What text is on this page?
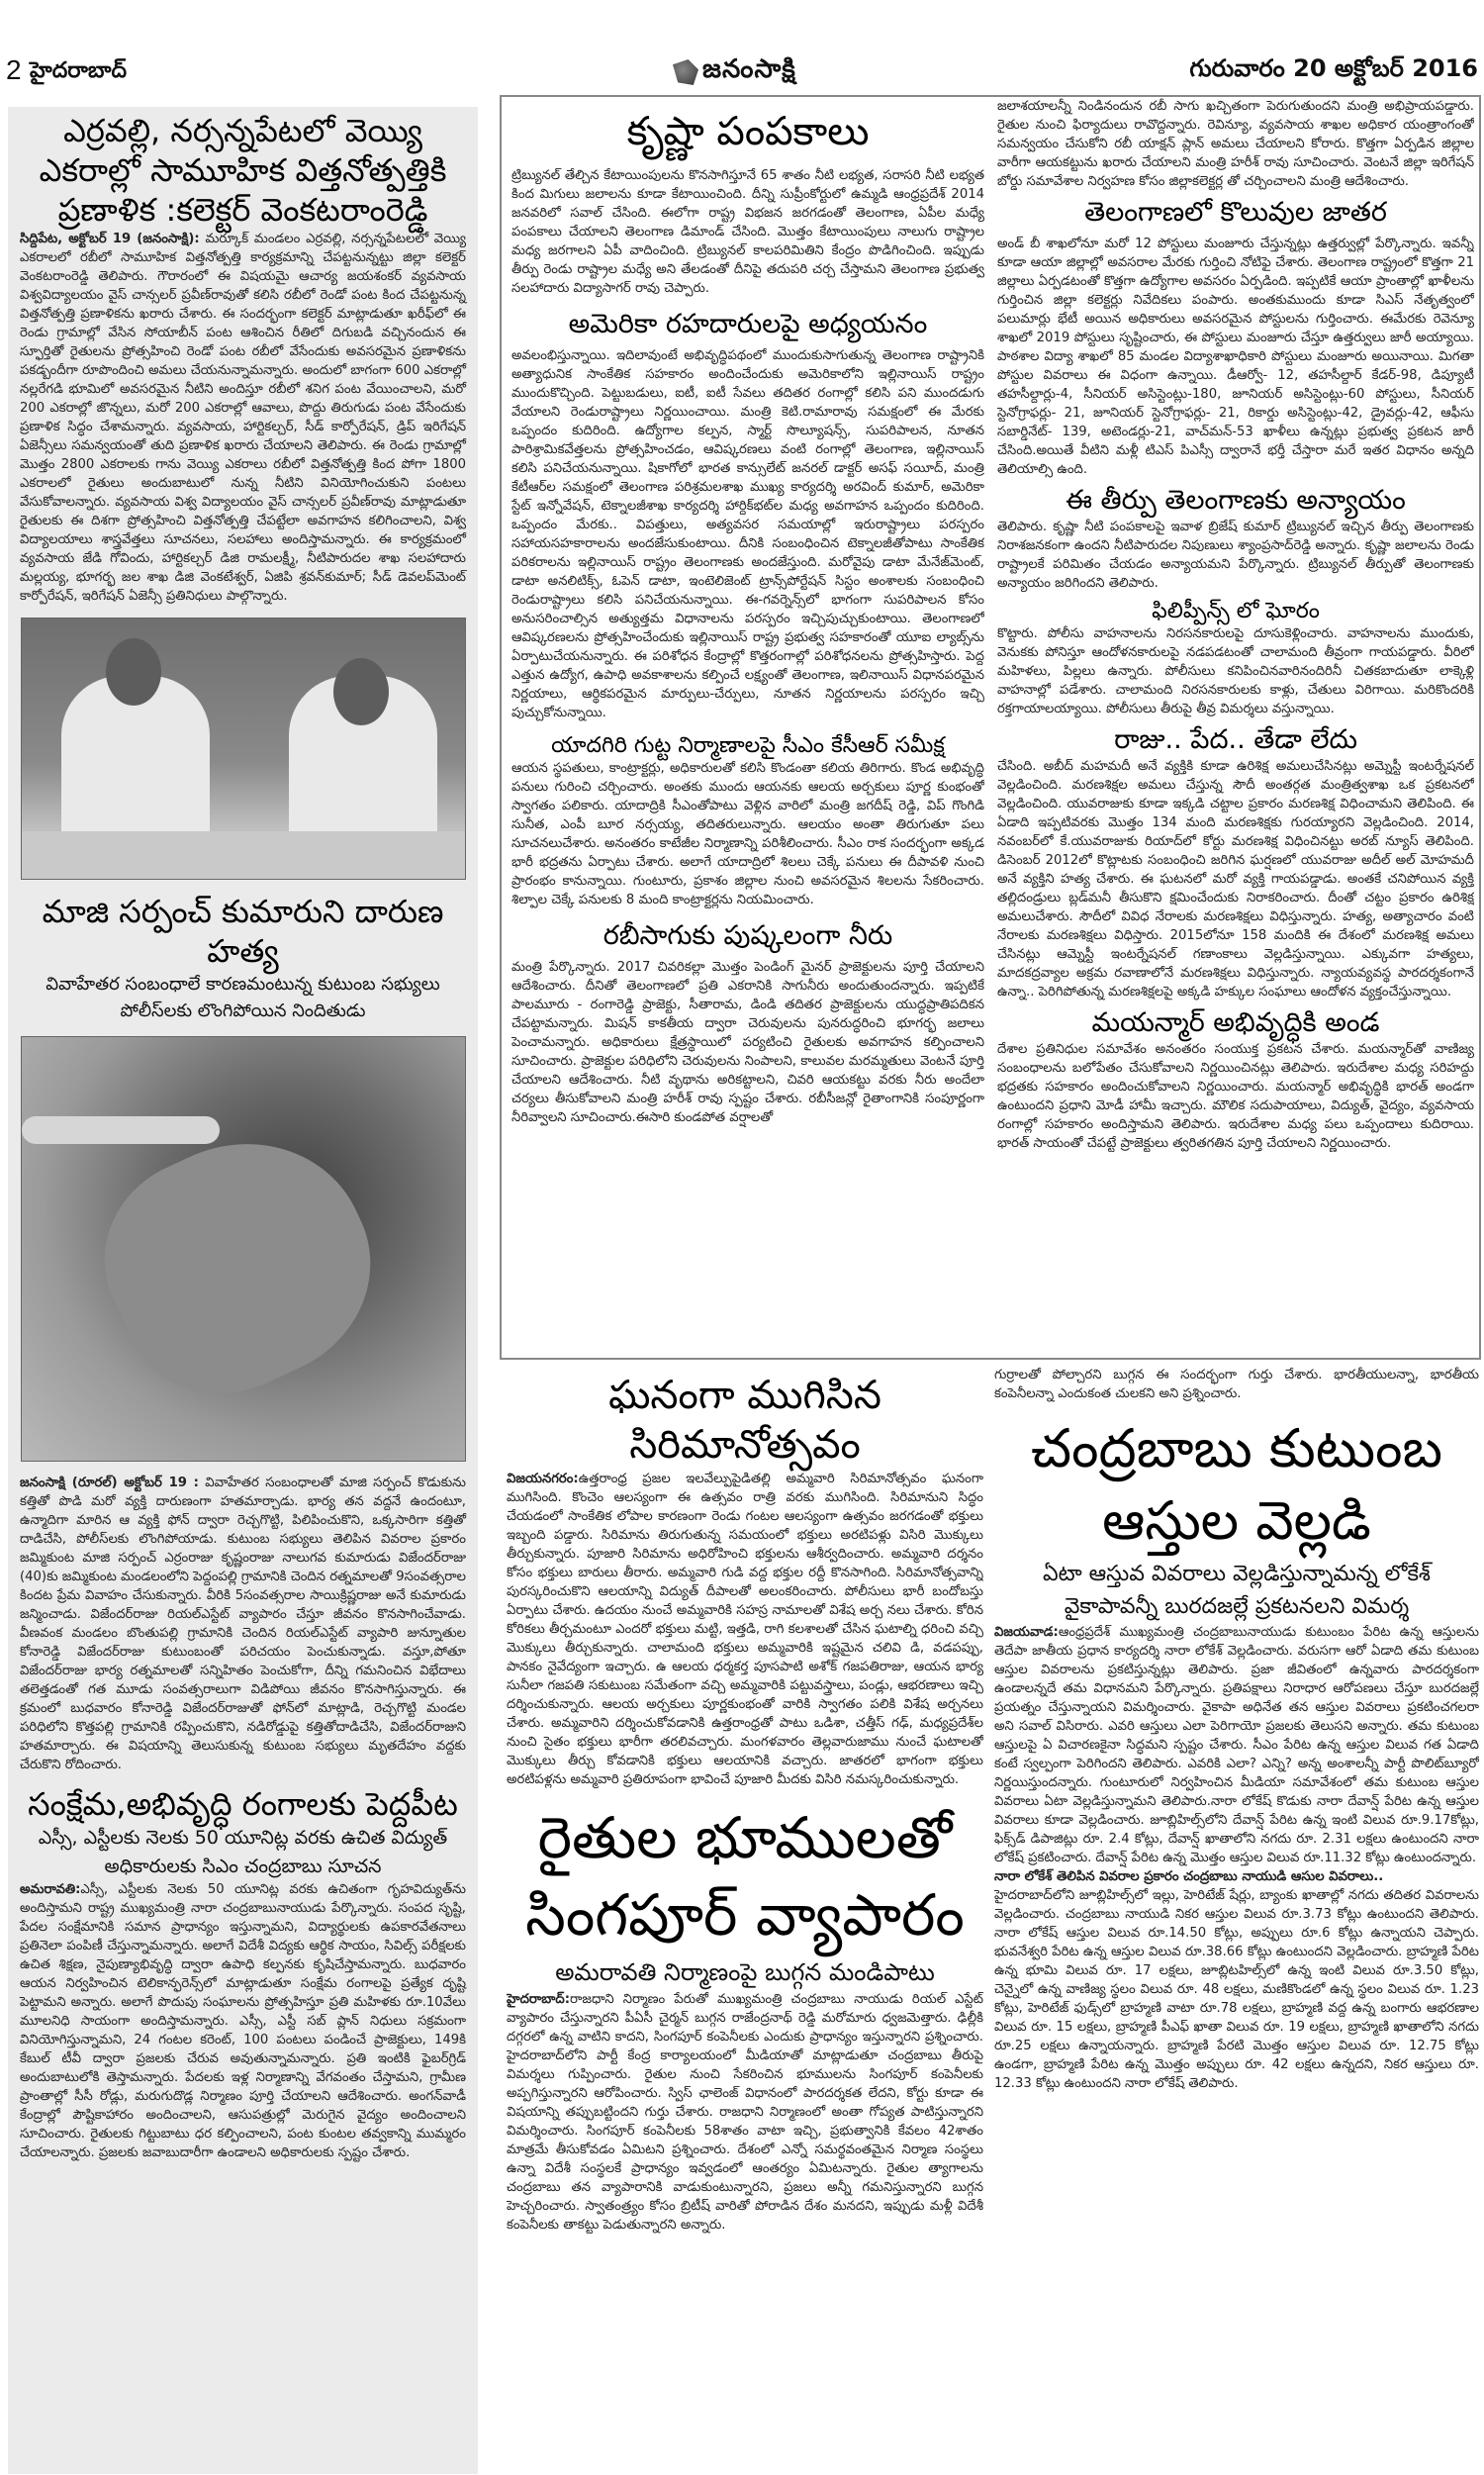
2 హైదరాబాద్	జనంసాక్షి	గురువారం 20 అక్టోబర్ 2016
ఎర్రవల్లి, నర్సన్నపేటలో వెయ్యి ఎకరాల్లో సామూహిక విత్తనోత్పత్తికి ప్రణాళిక :కలెక్టర్ వెంకటరాంరెడ్డి

సిద్దిపేట, అక్టోబర్ 19 (జనంసాక్షి): మర్కూక్ మండలం ఎర్రవల్లి, నర్సన్నపేటలలో వెయ్యి ఎకరాలలో రబీలో సామూహిక విత్తనోత్పత్తి కార్యక్రమాన్ని చేపట్టనున్నట్టు జిల్లా కలెక్టర్ వెంకటరాంరెడ్డి తెలిపారు. గౌరారంలో ఈ విషయమై ఆచార్య జయశంకర్ వ్యవసాయ విశ్వవిద్యాలయం వైస్ చాన్సలర్ ప్రవీణ్‌రావుతో కలిసి రబీలో రెండో పంట కింద చేపట్టనున్న విత్తనోత్పత్తి ప్రణాళికను ఖరారు చేశారు. ఈ సందర్భంగా కలెక్టర్ మాట్లాడుతూ ఖరీఫ్‌లో ఈ రెండు గ్రామాల్లో వేసిన సోయాబీన్ పంట ఆశించిన రీతిలో దిగుబడి వచ్చినందున ఈ స్ఫూర్తితో రైతులను ప్రోత్సహించి రెండో పంట రబీలో వేసేందుకు అవసరమైన ప్రణాళికను పకడ్బందీగా రూపొందించి అమలు చేయనున్నామన్నారు. అందులో బాగంగా 600 ఎకరాల్లో నల్లరేగడి భూమిలో అవసరమైన నీటిని అందిస్తూ రబీలో శనిగ పంట వేయించాలని, మరో 200 ఎకరాల్లో జొన్నలు, మరో 200 ఎకరాల్లో ఆవాలు, పొద్దు తిరుగుడు పంట వేసేందుకు ప్రణాళిక సిద్ధం చేశామన్నారు. వ్యవసాయ, హార్టికల్చర్, సీడ్ కార్పోరేషన్, డ్రిప్ ఇరిగేషన్ ఏజెన్సీలు సమన్వయంతో తుది ప్రణాళిక ఖరారు చేయాలని తెలిపారు. ఈ రెండు గ్రామాల్లో మొత్తం 2800 ఎకరాలకు గాను వెయ్యి ఎకరాలు రబీలో విత్తనోత్పత్తి కింద పోగా 1800 ఎకరాలలో రైతులు అందుబాటులో నున్న నీటిని వినియోగించుకుని పంటలు వేసుకోవాలన్నారు. వ్యవసాయ విశ్వ విద్యాలయం వైస్ చాన్సలర్ ప్రవీణ్‌రావు మాట్లాడుతూ రైతులకు ఈ దిశగా ప్రోత్సహించి విత్తనోత్పత్తి చేపట్టేలా అవగాహన కలిగించాలని, విశ్వ విద్యాలయాలు శాస్త్రవేత్తలు సూచనలు, సలహాలు అందిస్తామన్నారు. ఈ కార్యక్రమంలో వ్యవసాయ జేడి గోవిందు, హార్టికల్చర్ డిజి రామలక్ష్మీ, నీటిపారుదల శాఖ సలహాదారు మల్లయ్య, భూగర్భ జల శాఖ డిజి వెంకటేశ్వర్, ఏజిపి శ్రవన్‌కుమార్; సీడ్ డెవలప్‌మెంట్ కార్పోరేషన్, ఇరిగేషన్ ఏజెన్సీ ప్రతినిధులు పాల్గొన్నారు.

మాజి సర్పంచ్ కుమారుని దారుణ హత్య

వివాహేతర సంబంధాలే కారణమంటున్న కుటుంబ సభ్యులు

పోలీస్‌లకు లొంగిపోయిన నిందితుడు

జనంసాక్షి (రూరల్) అక్టోబర్ 19 : వివాహేతర సంబంధాలతో మాజి సర్పంచ్ కొడుకును కత్తితో పొడి మరో వ్యక్తి దారుణంగా హతమార్చాడు. భార్య తన వద్దనే ఉందంటూ, ఉన్మాదిగా మారిన ఆ వ్యక్తి ఫోన్ ద్వారా రెచ్చగొట్టి, పిలిపించుకొని, ఒక్కసారిగా కత్తితో దాడిచేసి, పోలీస్‌లకు లొంగిపోయాడు. కుటుంబ సభ్యులు తెలిపిన వివరాల ప్రకారం జమ్మికుంట మాజి సర్పంచ్ ఎర్రంరాజు కృష్ణంరాజు నాలుగవ కుమారుడు విజేందర్‌రాజు (40)కు జమ్మికుంట మండలంలోని పెద్దంపల్లి గ్రామానికి చెందిన రత్నమాలతో 9సంవత్సరాల కిందట ప్రేమ వివాహం చేసుకున్నారు. వీరికి 5సంవత్సరాల సాయిక్రిష్ణరాజు అనే కుమారుడు జన్మించాడు. విజేందర్‌రాజు రియల్‌ఎస్టేట్ వ్యాపారం చేస్తూ జీవనం కొనసాగించేవాడు. వీణవంక మండలం బొంతుపల్లి గ్రామానికి చెందిన రియల్‌ఎస్టేట్ వ్యాపారి జున్నూతుల కోనారెడ్డి విజేందర్‌రాజు కుటుంబంతో పరిచయం పెంచుకున్నాడు. వస్తూ,పోతూ విజేందర్‌రాజు భార్య రత్నమాలతో సన్నిహితం పెంచుకోగా, దీన్ని గమనించిన విభేదాలు తలెత్తడంతో గత మూడు సంవత్సరాలుగా విడిపోయి జీవనం కొనసాగిస్తున్నారు. ఈ క్రమంలో బుధవారం కోనారెడ్డి విజేందర్‌రాజుతో ఫోన్‌లో మాట్లాడి, రెచ్చగొట్టి మండల పరిధిలోని కొత్తపల్లి గ్రామానికి రప్పించుకొని, నడిరోడ్డుపై కత్తితోదాడిచేసి, విజేందర్‌రాజుని హతమార్చారు. ఈ విషయాన్ని తెలుసుకున్న కుటుంబ సభ్యులు మృతదేహం వద్దకు చేరుకొని రోదించారు.

సంక్షేమ,అభివృద్ధి రంగాలకు పెద్దపీట

ఎస్సీ, ఎస్టీలకు నెలకు 50 యూనిట్ల వరకు ఉచిత విద్యుత్

అధికారులకు సిఎం చంద్రబాబు సూచన

అమరావతి:ఎస్సీ, ఎస్టీలకు నెలకు 50 యూనిట్ల వరకు ఉచితంగా గృహవిద్యుత్‌ను అందిస్తామని రాష్ట్ర ముఖ్యమంత్రి నారా చంద్రబాబునాయుడు పేర్కొన్నారు. సంపద సృష్టి, పేదల సంక్షేమానికి సమాన ప్రాధాన్యం ఇస్తున్నామని, విద్యార్థులకు ఉపకారవేతనాలు ప్రతినెలా పంపిణీ చేస్తున్నామన్నారు. అలాగే విదేశీ విద్యకు ఆర్థిక సాయం, సివిల్స్ పరీక్షలకు ఉచిత శిక్షణ, నైపుణ్యాభివృద్ధి ద్వారా ఉపాధి కల్పనకు కృషిచేస్తామన్నారు. బుధవారం ఆయన నిర్వహించిన టెలికాన్ఫరెన్స్‌లో మాట్లాడుతూ సంక్షేమ రంగాలపై ప్రత్యేక దృష్టి పెట్టామని అన్నారు. అలాగే పొదుపు సంఘాలను ప్రోత్సహిస్తూ ప్రతి మహిళకు రూ.10వేలు మూలనిధి సాయంగా అందిస్తామన్నారు. ఎస్సీ, ఎస్టీ సబ్ ప్లాన్ నిధులు సక్రమంగా వినియోగిస్తున్నామని, 24 గంటల కరెంట్, 100 పంటలు పండించే ప్రాజెక్టులు, 149కి కేబుల్ టీవీ ద్వారా ప్రజలకు చేరువ అవుతున్నామన్నారు. ప్రతి ఇంటికి ఫైబర్‌గ్రిడ్ అందుబాటులోకి తెస్తామన్నారు. పేదలకు ఇళ్ల నిర్మాణాన్ని వేగవంతం చేస్తామని, గ్రామీణ ప్రాంతాల్లో సీసీ రోడ్లు, మరుగుదొడ్ల నిర్మాణం పూర్తి చేయాలని ఆదేశించారు. అంగన్‌వాడీ కేంద్రాల్లో పౌష్టికాహారం అందించాలని, ఆసుపత్రుల్లో మెరుగైన వైద్యం అందించాలని సూచించారు. రైతులకు గిట్టుబాటు ధర కల్పించాలని, పంట కుంటల తవ్వకాన్ని ముమ్మరం చేయాలన్నారు. ప్రజలకు జవాబుదారీగా ఉండాలని అధికారులకు స్పష్టం చేశారు.

కృష్ణా పంపకాలు

ట్రిబ్యునల్ తేల్చిన కేటాయింపులను కొనసాగిస్తూనే 65 శాతం నీటి లభ్యత, సరాసరి నీటి లభ్యత కింద మిగులు జలాలను కూడా కేటాయించింది. దీన్ని సుప్రీంకోర్టులో ఉమ్మడి ఆంధ్రప్రదేశ్ 2014 జనవరిలో సవాల్ చేసింది. ఈలోగా రాష్ట్ర విభజన జరగడంతో తెలంగాణ, ఏపీల మధ్యే పంపకాలు చేయాలని తెలంగాణ డిమాండ్ చేసింది. మొత్తం కేటాయింపులు నాలుగు రాష్ట్రాల మధ్య జరగాలని ఏపీ వాదించింది. ట్రిబ్యునల్ కాలపరిమితిని కేంద్రం పొడిగించింది. ఇప్పుడు తీర్పు రెండు రాష్ట్రాల మధ్యే అని తేలడంతో దీనిపై తదుపరి చర్చ చేస్తామని తెలంగాణ ప్రభుత్వ సలహాదారు విద్యాసాగర్ రావు చెప్పారు.

అమెరికా రహదారులపై అధ్యయనం

అవలంభిస్తున్నాయి. ఇదిలావుంటే అభివృద్ధిపథంలో ముందుకుసాగుతున్న తెలంగాణ రాష్ట్రానికి అత్యాధునిక సాంకేతిక సహకారం అందించేందుకు అమెరికాలోని ఇల్లినాయిస్ రాష్ట్రం ముందుకొచ్చింది. పెట్టుబడులు, ఐటీ, ఐటీ సేవలు తదితర రంగాల్లో కలిసి పని ముందడుగు వేయాలని రెండురాష్ట్రాలు నిర్ణయించాయి. మంత్రి కెటి.రామారావు సమక్షంలో ఈ మేరకు ఒప్పందం కుదిరింది. ఉద్యోగాల కల్పన, స్మార్ట్ సొల్యూషన్స్, సుపరిపాలన, నూతన పారిశ్రామికవేత్తలను ప్రోత్సహించడం, ఆవిష్కరణలు వంటి రంగాల్లో తెలంగాణ, ఇల్లినాయిస్ కలిసి పనిచేయనున్నాయి. షికాగోలో భారత కాన్సులేట్ జనరల్ డాక్టర్ అసఫ్ సయీద్, మంత్రి కేటీఆర్‌ల సమక్షంలో తెలంగాణ పరిశ్రమలశాఖ ముఖ్య కార్యదర్శి అరవింద్ కుమార్, అమెరికా స్టేట్ ఇన్నోవేషన్, టెక్నాలజీశాఖ కార్యదర్శి హార్దిక్‌భట్‌ల మధ్య అవగాహన ఒప్పందం కుదిరింది. ఒప్పందం మేరకు.. విపత్తులు, అత్యవసర సమయాల్లో ఇరురాష్ట్రాలు పరస్పరం సహాయసహకారాలను అందజేసుకుంటాయి. దీనికి సంబంధించిన టెక్నాలజీతోపాటు సాంకేతిక పరికరాలను ఇల్లినాయిస్ రాష్ట్రం తెలంగాణకు అందజేస్తుంది. మరోవైపు డాటా మేనేజ్‌మెంట్, డాటా అనలిటిక్స్, ఓపెన్ డాటా, ఇంటెలిజెంట్ ట్రాన్స్‌పోర్టేషన్ సిస్టం అంశాలకు సంబంధించి రెండురాష్ట్రాలు కలిసి పనిచేయనున్నాయి. ఈ-గవర్నెన్స్‌లో భాగంగా సుపరిపాలన కోసం అనుసరించాల్సిన అత్యుత్తమ విధానాలను పరస్పరం ఇచ్చిపుచ్చుకుంటాయి. తెలంగాణలో ఆవిష్కరణలను ప్రోత్సహించేందుకు ఇల్లినాయిస్ రాష్ట్ర ప్రభుత్వ సహకారంతో యూఐ ల్యాబ్స్‌ను ఏర్పాటుచేయనున్నారు. ఈ పరిశోధన కేంద్రాల్లో కొత్తరంగాల్లో పరిశోధనలను ప్రోత్సహిస్తారు. పెద్ద ఎత్తున ఉద్యోగ, ఉపాధి అవకాశాలను కల్పించే లక్ష్యంతో తెలంగాణ, ఇలినాయిస్ విధానపరమైన నిర్ణయాలు, ఆర్థికపరమైన మార్పులు-చేర్పులు, నూతన నిర్ణయాలను పరస్పరం ఇచ్చి పుచ్చుకోనున్నాయి.

యాదగిరి గుట్ట నిర్మాణాలపై సీఎం కేసీఆర్ సమీక్ష

ఆయన స్థపతులు, కాంట్రాక్టర్లు, అధికారులతో కలిసి కొండంతా కలియ తిరిగారు. కొండ అభివృద్ధి పనులు గురించి చర్చించారు. అంతకు ముందు ఆయనకు ఆలయ అర్చకులు పూర్ణ కుంభంతో స్వాగతం పలికారు. యాదాద్రికి సీఎంతోపాటు వెళ్లిన వారిలో మంత్రి జగదీష్ రెడ్డి, విప్ గొంగిడి సునీత, ఎంపీ బూర నర్సయ్య, తదితరులున్నారు. ఆలయం అంతా తిరుగుతూ పలు సూచనలుచేశారు. అనంతరం కాటేజీల నిర్మాణాన్ని పరిశీలించారు. సీఎం రాక సందర్భంగా అక్కడ భారీ భద్రతను ఏర్పాటు చేశారు. అలాగే యాదాద్రిలో శిలలు చెక్కే పనులు ఈ దీపావళి నుంచి ప్రారంభం కానున్నాయి. గుంటూరు, ప్రకాశం జిల్లాల నుంచి అవసరమైన శిలలను సేకరించారు. శిల్పాల చెక్కే పనులకు 8 మంది కాంట్రాక్టర్లను నియమించారు.

రబీసాగుకు పుష్కలంగా నీరు

మంత్రి పేర్కొన్నారు. 2017 చివరికల్లా మొత్తం పెండింగ్ మైనర్ ప్రాజెక్టులను పూర్తి చేయాలని ఆదేశించారు. దీనితో తెలంగాణలో ప్రతి ఎకరానికి సాగునీరు అందుతుందన్నారు. ఇప్పటికే పాలమూరు - రంగారెడ్డి ప్రాజెక్టు, సీతారామ, డిండి తదితర ప్రాజెక్టులను యుద్ధప్రాతిపదికన చేపట్టామన్నారు. మిషన్ కాకతీయ ద్వారా చెరువులను పునరుద్ధరించి భూగర్భ జలాలు పెంచామన్నారు. అధికారులు క్షేత్రస్థాయిలో పర్యటించి రైతులకు అవగాహన కల్పించాలని సూచించారు. ప్రాజెక్టుల పరిధిలోని చెరువులను నింపాలని, కాలువల మరమ్మతులు వెంటనే పూర్తి చేయాలని ఆదేశించారు. నీటి వృథాను అరికట్టాలని, చివరి ఆయకట్టు వరకు నీరు అందేలా చర్యలు తీసుకోవాలని మంత్రి హరీశ్ రావు స్పష్టం చేశారు. రబీసీజన్లో రైతాంగానికి సంపూర్ణంగా నీరివ్వాలని సూచించారు.ఈసారి కుండపోత వర్షాలతో

జలాశయాలన్నీ నిండినందున రబీ సాగు ఖచ్చితంగా పెరుగుతుందని మంత్రి అభిప్రాయపడ్డారు. రైతుల నుంచి ఫిర్యాదులు రావొద్దన్నారు. రెవిన్యూ, వ్యవసాయ శాఖల అధికార యంత్రాంగంతో సమన్వయం చేసుకోని రబీ యాక్షన్ ప్లాన్ అమలు చేయాలని కోరారు. కొత్తగా ఏర్పడిన జిల్లాల వారీగా ఆయకట్టును ఖరారు చేయాలని మంత్రి హరీశ్ రావు సూచించారు. వెంటనే జిల్లా ఇరిగేషన్ బోర్డు సమావేశాల నిర్వహణ కోసం జిల్లాకలెక్టర్ల తో చర్చించాలని మంత్రి ఆదేశించారు.

తెలంగాణలో కొలువుల జాతర

అండ్ బీ శాఖలోనూ మరో 12 పోస్టులు మంజూరు చేస్తున్నట్లు ఉత్తర్వుల్లో పేర్కొన్నారు. ఇవన్నీ కూడా ఆయా జిల్లాల్లో అవసరాల మేరకు గుర్తించి నోటిఫై చేశారు. తెలంగాణ రాష్ట్రంలో కొత్తగా 21 జిల్లాలు ఏర్పడటంతో కొత్తగా ఉద్యోగాల అవసరం ఏర్పడింది. ఇప్పటికే ఆయా ప్రాంతాల్లో ఖాళీలను గుర్తించిన జిల్లా కలెక్టర్లు నివేదికలు పంపారు. అంతకుముందు కూడా సిఎస్ నేతృత్వంలో పలుమార్లు భేటీ అయిన అధికారులు అవసరమైన పోస్టులను గుర్తించారు. ఈమేరకు రెవెన్యూ శాఖలో 2019 పోస్టులు సృష్టించారు, ఈ పోస్టులు మంజూరు చేస్తూ ఉత్తర్వులు జారీ అయ్యాయి. పాఠశాల విద్యా శాఖలో 85 మండల విద్యాశాఖాధికారి పోస్టులు మంజూరు అయినాయి. మిగతా పోస్టుల వివరాలు ఈ విధంగా ఉన్నాయి. డీఆర్వో- 12, తహసీల్దార్ కేడర్-98, డిప్యూటీ తహసీల్దార్లు-4, సీనియర్ అసిస్టెంట్లు-180, జూనియర్ అసిస్టెంట్లు-60 పోస్టులు, సీనియర్ స్టెనోగ్రాఫర్లు- 21, జూనియర్ స్టెనోగ్రాఫర్లు- 21, రికార్డు అసిస్టెంట్లు-42, డ్రైవర్లు-42, ఆఫీసు సబార్డినేట్- 139, అటెండర్లు-21, వాచ్‌మన్-53 ఖాళీలు ఉన్నట్లు ప్రభుత్వ ప్రకటన జారీ చేసింది.అయితే వీటిని మళ్లీ టిఎస్ పిఎస్సీ ద్వారానే భర్తీ చేస్తారా మరే ఇతర విధానం అన్నది తెలియాల్సి ఉంది.

ఈ తీర్పు తెలంగాణకు అన్యాయం

తెలిపారు. కృష్ణా నీటి పంపకాలపై ఇవాళ బ్రిజేష్ కుమార్ ట్రిబ్యునల్ ఇచ్చిన తీర్పు తెలంగాణకు నిరాశజనకంగా ఉందని నీటిపారుదల నిపుణులు శ్యాంప్రసాద్‌రెడ్డి అన్నారు. కృష్ణా జలాలను రెండు రాష్ట్రాలకే పరిమితం చేయడం అన్యాయమని పేర్కొన్నారు. ట్రిబ్యునల్ తీర్పుతో తెలంగాణకు అన్యాయం జరిగిందని తెలిపారు.

ఫిలిప్పీన్స్ లో ఘోరం

కొట్టారు. పోలీసు వాహనాలను నిరసనకారులపై దూసుకెళ్లించారు. వాహనాలను ముందుకు, వెనుకకు పోనిస్తూ ఆందోళనకారులపై నడపడటంతో చాలామంది తీవ్రంగా గాయపడ్డారు. వీరిలో మహిళలు, పిల్లలు ఉన్నారు. పోలీసులు కనిపించినవారినందిరినీ చితకబాదుతూ లాక్కెళ్లి వాహనాల్లో పడేశారు. చాలామంది నిరసనకారులకు కాళ్లు, చేతులు విరిగాయి. మరికొందరికి రక్తగాయాలయ్యాయి. పోలీసులు తీరుపై తీవ్ర విమర్శలు వస్తున్నాయి.

రాజు.. పేద.. తేడా లేదు

చేసింది. అబీద్ మహమదీ అనే వ్యక్తికి కూడా ఉరిశిక్ష అమలుచేసినట్లు అమ్నెస్టీ ఇంటర్నేషనల్ వెల్లడించింది. మరణశిక్షల అమలు చేస్తున్న సౌదీ అంతర్గత మంత్రిత్వశాఖ ఒక ప్రకటనలో వెల్లడించింది. యువరాజుకు కూడా ఇక్కడి చట్టాల ప్రకారం మరణశిక్ష విధించామని తెలిపింది. ఈ ఏడాది ఇప్పటివరకు మొత్తం 134 మంది మరణశిక్షకు గురయ్యారని వెల్లడించింది. 2014, నవంబర్‌లో కే.యువరాజుకు రియాద్‌లో కోర్టు మరణశిక్ష విధించినట్టు అరబ్ న్యూస్ తెలిపింది. డిసెంబర్ 2012లో కొట్లాటకు సంబంధించి జరిగిన ఘర్షణలో యువరాజు అదీల్ అల్ మోహమదీ అనే వ్యక్తిని హత్య చేశారు. ఈ ఘటనలో మరో వ్యక్తి గాయపడ్డాడు. అంతకే చనిపోయిన వ్యక్తి తల్లిదండ్రులు బ్లడ్‌మనీ తీసుకొని క్షమించేందుకు నిరాకరించారు. దీంతో చట్టం ప్రకారం ఉరిశిక్ష అమలుచేశారు. సౌదీలో వివిధ నేరాలకు మరణశిక్షలు విధిస్తున్నారు. హత్య, అత్యాచారం వంటి నేరాలకు మరణశిక్షలు విధిస్తారు. 2015లోనూ 158 మందికి ఈ దేశంలో మరణశిక్ష అమలు చేసినట్లు ఆమ్నెస్టీ ఇంటర్నేషనల్ గణాంకాలు వెల్లడిస్తున్నాయి. ఎక్కువగా హత్యలు, మాదకద్రవ్యాల అక్రమ రవాణాలోనే మరణశిక్షలు విధిస్తున్నారు. న్యాయవ్యవస్థ పారదర్శకంగానే ఉన్నా.. పెరిగిపోతున్న మరణశిక్షలపై అక్కడి హక్కుల సంఘాలు ఆందోళన వ్యక్తంచేస్తున్నాయి.

మయన్మార్ అభివృద్ధికి అండ

దేశాల ప్రతినిధుల సమావేశం అనంతరం సంయుక్త ప్రకటన చేశారు. మయన్మార్‌తో వాణిజ్య సంబంధాలను బలోపేతం చేసుకోవాలని నిర్ణయించినట్లు తెలిపారు. ఇరుదేశాల మధ్య సరిహద్దు భద్రతకు సహకారం అందించుకోవాలని నిర్ణయించారు. మయన్మార్ అభివృద్ధికి భారత్ అండగా ఉంటుందని ప్రధాని మోడీ హామీ ఇచ్చారు. మౌలిక సదుపాయాలు, విద్యుత్, వైద్యం, వ్యవసాయ రంగాల్లో సహకారం అందిస్తామని తెలిపారు. ఇరుదేశాల మధ్య పలు ఒప్పందాలు కుదిరాయి. భారత్ సాయంతో చేపట్టే ప్రాజెక్టులు త్వరితగతిన పూర్తి చేయాలని నిర్ణయించారు.

ఘనంగా ముగిసిన సిరిమానోత్సవం

విజయనగరం:ఉత్తరాంధ్ర ప్రజల ఇలవేల్పుపైడితల్లి అమ్మవారి సిరిమానోత్సవం ఘనంగా ముగిసింది. కొంచెం ఆలస్యంగా ఈ ఉత్సవం రాత్రి వరకు ముగిసింది. సిరిమానుని సిద్ధం చేయడంలో సాంకేతిక లోపాల కారణంగా రెండు గంటల ఆలస్యంగా ఉత్సవం జరగడంతో భక్తులు ఇబ్బంది పడ్డారు. సిరిమాను తిరుగుతున్న సమయంలో భక్తులు అరటిపళ్లు విసిరి మొక్కులు తీర్చుకున్నారు. పూజారి సిరిమాను అధిరోహించి భక్తులను ఆశీర్వదించారు. అమ్మవారి దర్శనం కోసం భక్తులు బారులు తీరారు. అమ్మవారి గుడి వద్ద భక్తుల రద్దీ కొనసాగింది. సిరిమానోత్సవాన్ని పురస్కరించుకొని ఆలయాన్ని విద్యుత్ దీపాలతో అలంకరించారు. పోలీసులు భారీ బందోబస్తు ఏర్పాటు చేశారు. ఉదయం నుంచే అమ్మవారికి సహస్ర నామాలతో విశేష అర్చ నలు చేశారు. కోరిన కోరికలు తీర్చమంటూ ఎందరో భక్తులు మట్టి, ఇత్తడి, రాగి కలశాలతో చేసిన ఘటాల్ని ధరించి వచ్చి మొక్కులు తీర్చుకున్నారు. చాలామంది భక్తులు అమ్మవారికి ఇష్టమైన చలివి డి, వడపప్పు, పానకం నైవేద్యంగా ఇచ్చారు. ఉ ఆలయ ధర్మకర్త పూసపాటి అశోక్ గజపతిరాజు, ఆయన భార్య సునీలా గజపతి సకుటుంబ సమేతంగా వచ్చి అమ్మవారికి పట్టువస్త్రాలు, పండ్లు, ఆభరణాలు ఇచ్చి దర్శించుకున్నారు. ఆలయ అర్చకులు పూర్ణకుంభంతో వారికి స్వాగతం పలికి విశేష అర్చనలు చేశారు. అమ్మవారిని దర్శించుకోవడానికి ఉత్తరాంధ్రతో పాటు ఒడిశా, చత్తీస్ గఢ్, మధ్యప్రదేశ్‌ల నుంచి సైతం భక్తులు భారీగా తరలివచ్చారు. మంగళవారం తెల్లవారుజాము నుంచే ఘటాలతో మొక్కులు తీర్చు కోవడానికి భక్తులు ఆలయానికి వచ్చారు. జాతరలో భాగంగా భక్తులు అరటిపళ్లను అమ్మవారి ప్రతిరూపంగా భావించే పూజారి మీదకు విసిరి నమస్కరించుకున్నారు.

రైతుల భూములతో
సింగపూర్ వ్యాపారం

అమరావతి నిర్మాణంపై బుగ్గన మండిపాటు

హైదరాబాద్:రాజధాని నిర్మాణం పేరుతో ముఖ్యమంత్రి చంద్రబాబు నాయుడు రియల్ ఎస్టేట్ వ్యాపారం చేస్తున్నారని పీఏసీ చైర్మన్ బుగ్గన రాజేంద్రనాథ్ రెడ్డి మరోమారు ధ్వజమెత్తారు. ఢిల్లీకి దగ్గరలో ఉన్న వాటిని కాదని, సింగపూర్ కంపెనీలకు ఎందుకు ప్రాధాన్యం ఇస్తున్నారని ప్రశ్నించారు. హైదరాబాద్‌లోని పార్టీ కేంద్ర కార్యాలయంలో మీడియాతో మాట్లాడుతూ చంద్రబాబు తీరుపై విమర్శలు గుప్పించారు. రైతుల నుంచి సేకరించిన భూములను సింగపూర్ కంపెనీలకు అప్పగిస్తున్నారని ఆరోపించారు. స్విస్ ఛాలెంజ్ విధానంలో పారదర్శకత లేదని, కోర్టు కూడా ఈ విషయాన్ని తప్పుబట్టిందని గుర్తు చేశారు. రాజధాని నిర్మాణంలో అంతా గోప్యత పాటిస్తున్నారని విమర్శించారు. సింగపూర్ కంపెనీలకు 58శాతం వాటా ఇచ్చి, ప్రభుత్వానికి కేవలం 42శాతం మాత్రమే తీసుకోవడం ఏమిటని ప్రశ్నించారు. దేశంలో ఎన్నో సమర్థవంతమైన నిర్మాణ సంస్థలు ఉన్నా విదేశీ సంస్థలకే ప్రాధాన్యం ఇవ్వడంలో ఆంతర్యం ఏమిటన్నారు. రైతుల త్యాగాలను చంద్రబాబు తన వ్యాపారానికి వాడుకుంటున్నారని, ప్రజలు అన్నీ గమనిస్తున్నారని బుగ్గన హెచ్చరించారు. స్వాతంత్ర్యం కోసం బ్రిటీష్ వారితో పోరాడిన దేశం మనదని, ఇప్పుడు మళ్లీ విదేశీ కంపెనీలకు తాకట్టు పెడుతున్నారని అన్నారు.

గుర్రాలతో పోల్చారని బుగ్గన ఈ సందర్భంగా గుర్తు చేశారు. భారతీయులన్నా, భారతీయ కంపెనీలన్నా ఎందుకంత చులకని అని ప్రశ్నించారు.

చంద్రబాబు కుటుంబ
ఆస్తుల వెల్లడి

ఏటా ఆస్తువ వివరాలు వెల్లడిస్తున్నామన్న లోకేశ్

వైకాపావన్నీ బురదజల్లే ప్రకటనలని విమర్శ

విజయవాడ:ఆంధ్రప్రదేశ్ ముఖ్యమంత్రి చంద్రబాబునాయుడు కుటుంబం పేరిట ఉన్న ఆస్తులను తెదేపా జాతీయ ప్రధాన కార్యదర్శి నారా లోకేశ్ వెల్లడించారు. వరుసగా ఆరో ఏడాది తమ కుటుంబ ఆస్తుల వివరాలను ప్రకటిస్తున్నట్లు తెలిపారు. ప్రజా జీవితంలో ఉన్నవారు పారదర్శకంగా ఉండాలన్నదే తమ విధానమని పేర్కొన్నారు. ప్రతిపక్షాలు నిరాధార ఆరోపణలు చేస్తూ బురదజల్లే ప్రయత్నం చేస్తున్నాయని విమర్శించారు. వైకాపా అధినేత తన ఆస్తుల వివరాలు ప్రకటించగలరా అని సవాల్ విసిరారు. ఎవరి ఆస్తులు ఎలా పెరిగాయో ప్రజలకు తెలుసని అన్నారు. తమ కుటుంబ ఆస్తులపై ఏ విచారణకైనా సిద్ధమని స్పష్టం చేశారు. సీఎం పేరిట ఉన్న ఆస్తుల విలువ గత ఏడాది కంటే స్వల్పంగా పెరిగిందని తెలిపారు. ఎవరికి ఎలా? ఎన్ని? అన్న అంశాలన్నీ పార్టీ పొలిట్‌బ్యూరో నిర్ణయిస్తుందన్నారు. గుంటూరులో నిర్వహించిన మీడియా సమావేశంలో తమ కుటుంబ ఆస్తుల వివరాలు ఏటా వెల్లడిస్తున్నామని తెలిపారు.నారా లోకేష్ కొడుకు నారా దేవాన్ష్ పేరిట ఉన్న ఆస్తుల వివరాలు కూడా వెల్లడించారు. జూబ్లిహిల్స్‌లోని దేవాన్ష్ పేరిట ఉన్న ఇంటి విలువ రూ.9.17కోట్లు, ఫిక్స్‌డ్ డిపాజిట్లు రూ. 2.4 కోట్లు, దేవాన్ష్ ఖాతాలోని నగదు రూ. 2.31 లక్షలు ఉంటుందని నారా లోకేష్ ప్రకటించారు. దేవాన్ష్ పేరిట ఉన్న మొత్తం ఆస్తుల విలువ రూ.11.32 కోట్లు ఉంటుందన్నారు.

నారా లోకేశ్ తెలిపిన వివరాల ప్రకారం చంద్రబాబు నాయుడి ఆసుల వివరాలు..

హైదరాబాద్‌లోని జూబ్లిహిల్స్‌లో ఇల్లు, హెరిటేజ్ షేర్లు, బ్యాంకు ఖాతాల్లో నగదు తదితర వివరాలను వెల్లడించారు. చంద్రబాబు నాయుడి నికర ఆస్తుల విలువ రూ.3.73 కోట్లు ఉంటుందని తెలిపారు. నారా లోకేష్ ఆస్తుల విలువ రూ.14.50 కోట్లు, అప్పులు రూ.6 కోట్లు ఉన్నాయని చెప్పారు. భువనేశ్వరి పేరిట ఉన్న ఆస్తుల విలువ రూ.38.66 కోట్లు ఉంటుందని వెల్లడించారు. బ్రాహ్మణి పేరిట ఉన్న భూమి విలువ రూ. 17 లక్షలు, జూబ్లిటహిల్స్‌లో ఉన్న ఇంటి విలువ రూ.3.50 కోట్లు, చెన్నైలో ఉన్న వాణిజ్య స్థలం విలువ రూ. 48 లక్షలు, మణికొండలో ఉన్న స్థలం విలువ రూ. 1.23 కోట్లు, హెరిటేజ్ ఫుడ్స్‌లో బ్రాహ్మణి వాటా రూ.78 లక్షలు, బ్రాహ్మణి వద్ద ఉన్న బంగారు ఆభరణాల విలువ రూ. 15 లక్షలు, బ్రాహ్మణి పీఎఫ్ ఖాతా విలువ రూ. 19 లక్షలు, బ్రాహ్మణి ఖాతాలోని నగదు రూ.25 లక్షలు ఉన్నాయన్నారు. బ్రాహ్మణి పేరటి మొత్తం ఆస్తుల విలువ రూ. 12.75 కోట్లు ఉండగా, బ్రాహ్మణి పేరిట ఉన్న మొత్తం అప్పులు రూ. 42 లక్షలు ఉన్నదని, నికర ఆస్తులు రూ. 12.33 కోట్లు ఉంటుందని నారా లోకేష్ తెలిపారు.
